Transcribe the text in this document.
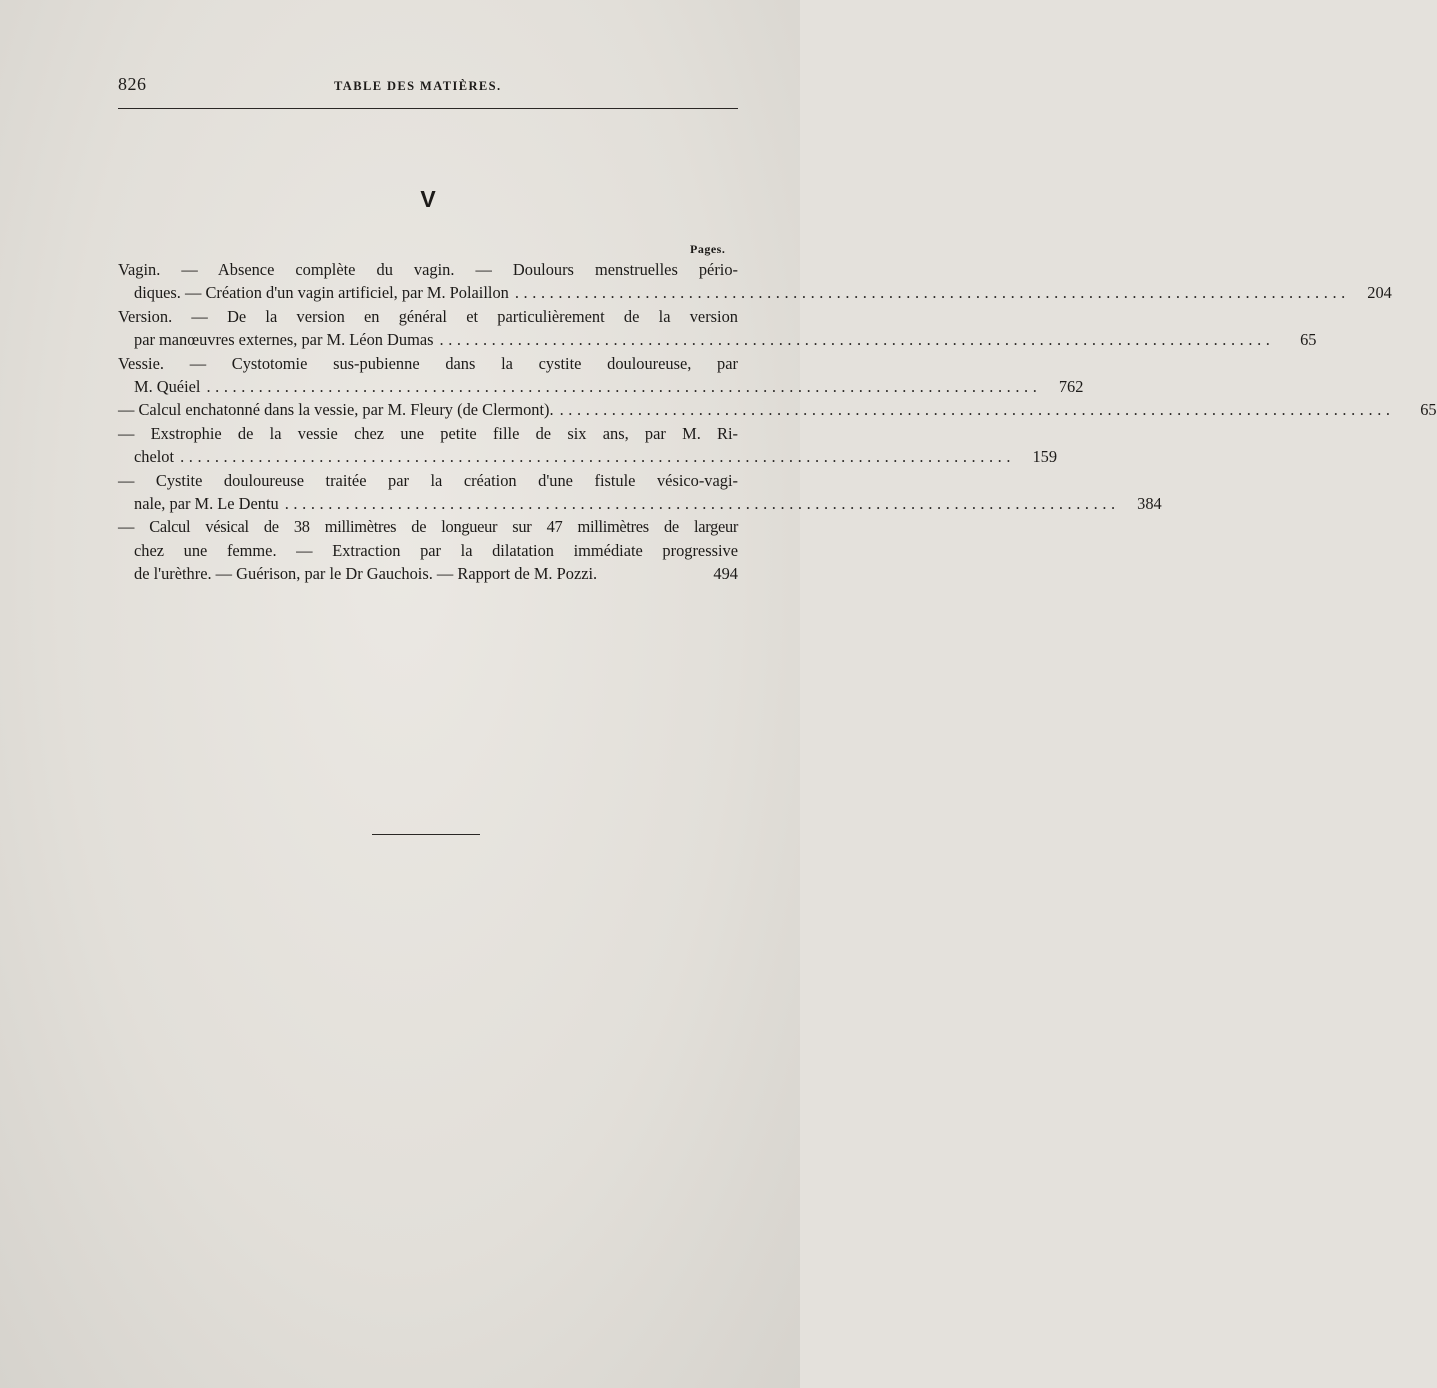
826	TABLE DES MATIÈRES.
V
Pages.
Vagin. — Absence complète du vagin. — Doulours menstruelles pério-
diques. — Création d'un vagin artificiel, par M. Polaillon ................................................................................................	204
Version. — De la version en général et particulièrement de la version
par manœuvres externes, par M. Léon Dumas ................................................................................................	65
Vessie. — Cystotomie sus-pubienne dans la cystite douloureuse, par
M. Quéiel ................................................................................................	762
— Calcul enchatonné dans la vessie, par M. Fleury (de Clermont). ................................................................................................	65
— Exstrophie de la vessie chez une petite fille de six ans, par M. Ri-
chelot ................................................................................................	159
— Cystite douloureuse traitée par la création d'une fistule vésico-vagi-
nale, par M. Le Dentu ................................................................................................	384
— Calcul vésical de 38 millimètres de longueur sur 47 millimètres de largeur
chez une femme. — Extraction par la dilatation immédiate progressive
de l'urèthre. — Guérison, par le Dr Gauchois. — Rapport de M. Pozzi.	494
